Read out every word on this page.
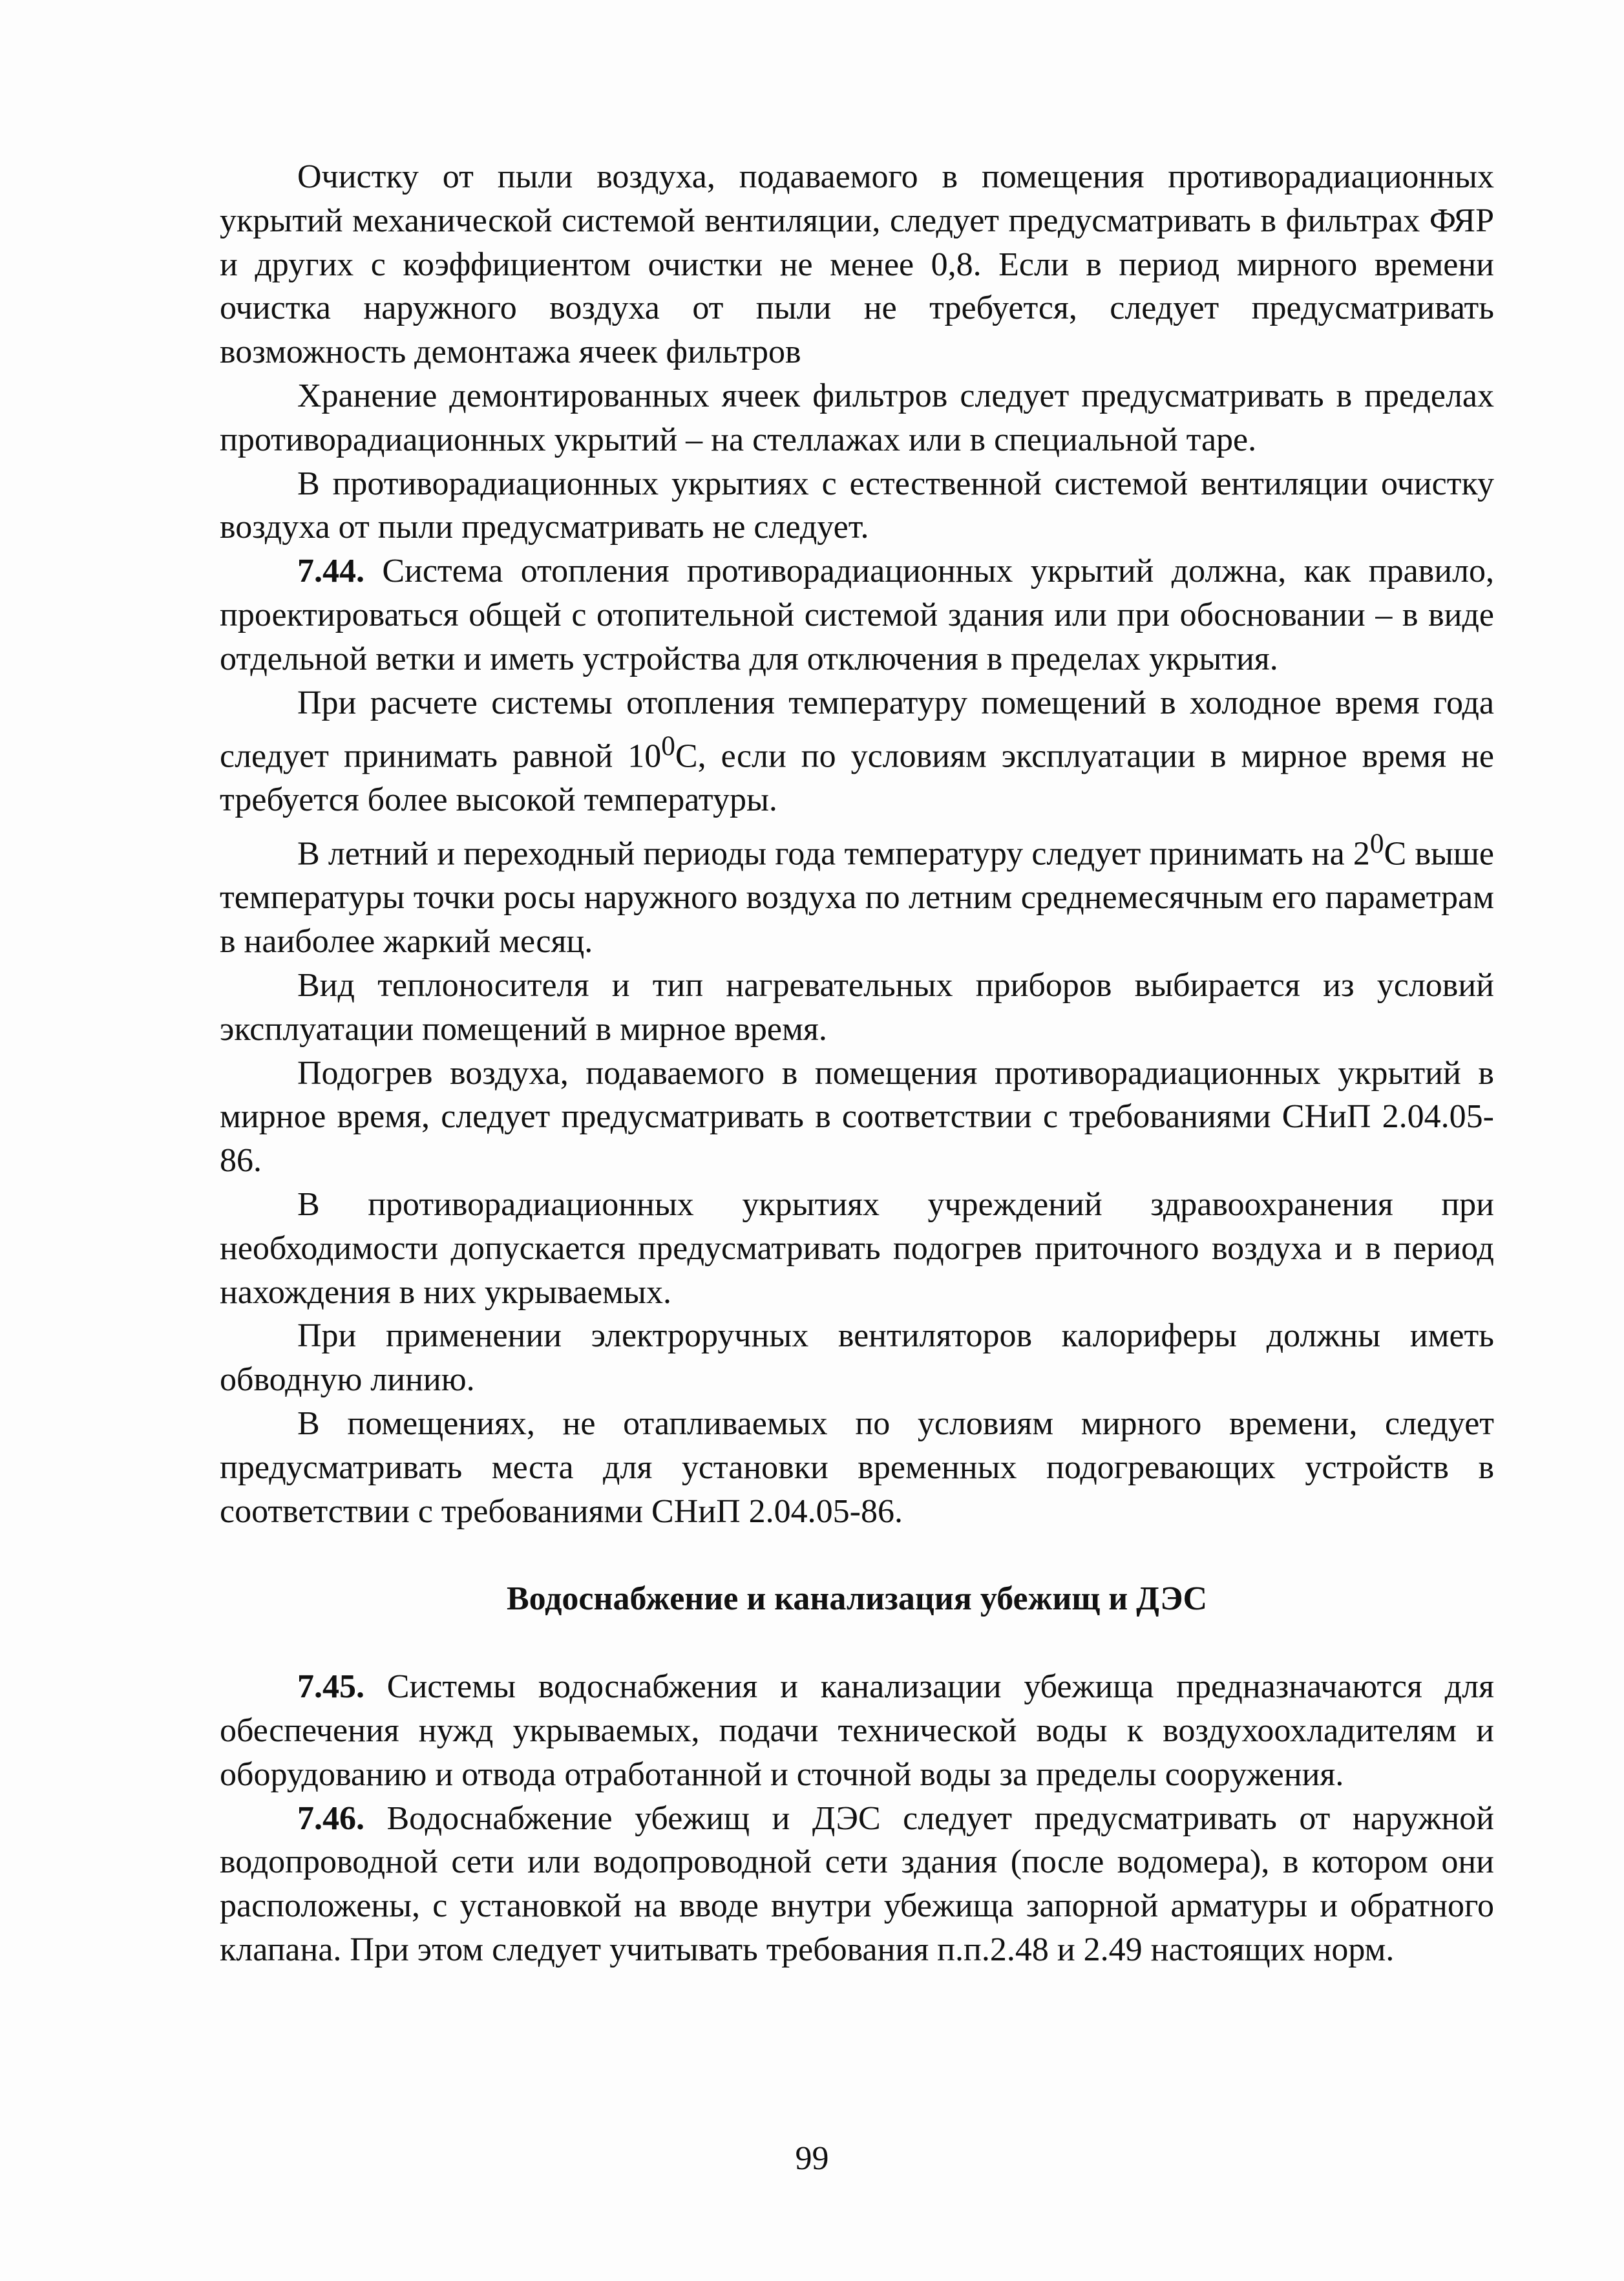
Очистку от пыли воздуха, подаваемого в помещения противорадиационных укрытий механической системой вентиляции, следует предусматривать в фильтрах ФЯР и других с коэффициентом очистки не менее 0,8. Если в период мирного времени очистка наружного воздуха от пыли не требуется, следует предусматривать возможность демонтажа ячеек фильтров

Хранение демонтированных ячеек фильтров следует предусматривать в пределах противорадиационных укрытий – на стеллажах или в специальной таре.

В противорадиационных укрытиях с естественной системой вентиляции очистку воздуха от пыли предусматривать не следует.

7.44. Система отопления противорадиационных укрытий должна, как правило, проектироваться общей с отопительной системой здания или при обосновании – в виде отдельной ветки и иметь устройства для отключения в пределах укрытия.

При расчете системы отопления температуру помещений в холодное время года следует принимать равной $10^0С$, если по условиям эксплуатации в мирное время не требуется более высокой температуры.

В летний и переходный периоды года температуру следует принимать на $2^0С$ выше температуры точки росы наружного воздуха по летним среднемесячным его параметрам в наиболее жаркий месяц.

Вид теплоносителя и тип нагревательных приборов выбирается из условий эксплуатации помещений в мирное время.

Подогрев воздуха, подаваемого в помещения противорадиационных укрытий в мирное время, следует предусматривать в соответствии с требованиями СНиП 2.04.05-86.

В противорадиационных укрытиях учреждений здравоохранения при необходимости допускается предусматривать подогрев приточного воздуха и в период нахождения в них укрываемых.

При применении электроручных вентиляторов калориферы должны иметь обводную линию.

В помещениях, не отапливаемых по условиям мирного времени, следует предусматривать места для установки временных подогревающих устройств в соответствии с требованиями СНиП 2.04.05-86.

Водоснабжение и канализация убежищ и ДЭС

7.45. Системы водоснабжения и канализации убежища предназначаются для обеспечения нужд укрываемых, подачи технической воды к воздухоохладителям и оборудованию и отвода отработанной и сточной воды за пределы сооружения.

7.46. Водоснабжение убежищ и ДЭС следует предусматривать от наружной водопроводной сети или водопроводной сети здания (после водомера), в котором они расположены, с установкой на вводе внутри убежища запорной арматуры и обратного клапана. При этом следует учитывать требования п.п.2.48 и 2.49 настоящих норм.

99
